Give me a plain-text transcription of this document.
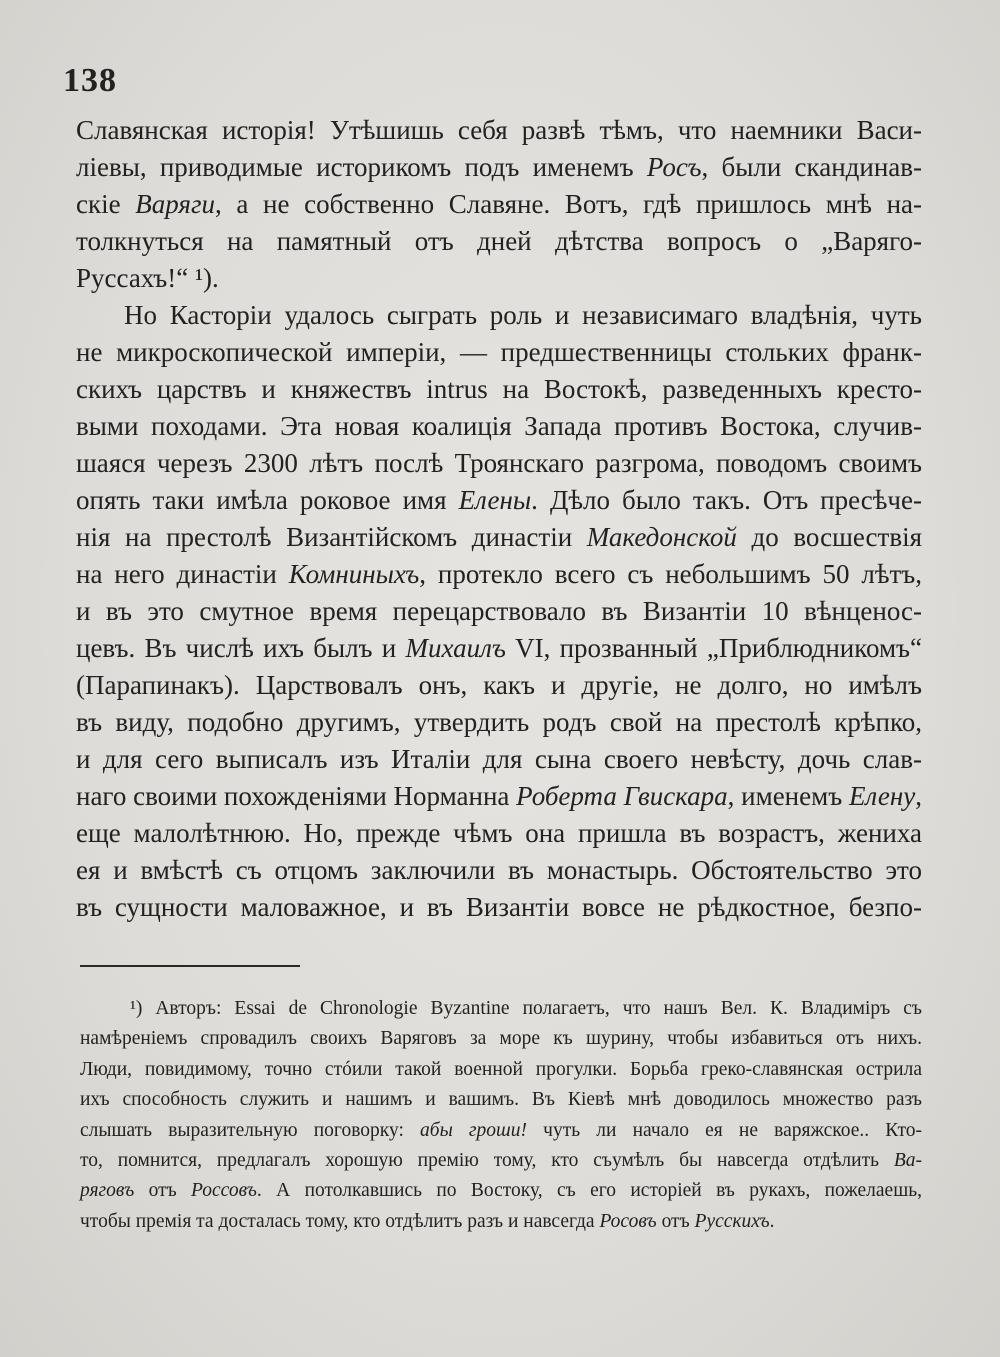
138
Славянская исторія! Утѣшишь себя развѣ тѣмъ, что наемники Васи-
ліевы, приводимые историкомъ подъ именемъ Росъ, были скандинав-
скіе Варяги, а не собственно Славяне. Вотъ, гдѣ пришлось мнѣ на-
толкнуться на памятный отъ дней дѣтства вопросъ о „Варяго-
Руссахъ!“ ¹).
Но Касторіи удалось сыграть роль и независимаго владѣнія, чуть
не микроскопической имперіи, — предшественницы стольких франк-
скихъ царствъ и княжествъ intrus на Востокѣ, разведенныхъ кресто-
выми походами. Эта новая коалиція Запада противъ Востока, случив-
шаяся черезъ 2300 лѣтъ послѣ Троянскаго разгрома, поводомъ своимъ
опять таки имѣла роковое имя Елены. Дѣло было такъ. Отъ пресѣче-
нія на престолѣ Византійскомъ династіи Македонской до восшествія
на него династіи Комниныхъ, протекло всего съ небольшимъ 50 лѣтъ,
и въ это смутное время перецарствовало въ Византіи 10 вѣнценос-
цевъ. Въ числѣ ихъ былъ и Михаилъ VI, прозванный „Приблюдникомъ“
(Парапинакъ). Царствовалъ онъ, какъ и другіе, не долго, но имѣлъ
въ виду, подобно другимъ, утвердить родъ свой на престолѣ крѣпко,
и для сего выписалъ изъ Италіи для сына своего невѣсту, дочь слав-
наго своими похожденіями Норманна Роберта Гвискара, именемъ Елену,
еще малолѣтнюю. Но, прежде чѣмъ она пришла въ возрастъ, жениха
ея и вмѣстѣ съ отцомъ заключили въ монастырь. Обстоятельство это
въ сущности маловажное, и въ Византіи вовсе не рѣдкостное, безпо-
¹) Авторъ: Essai de Chronologie Byzantine полагаетъ, что нашъ Вел. К. Владиміръ съ
намѣреніемъ спровадилъ своихъ Варяговъ за море къ шурину, чтобы избавиться отъ нихъ.
Люди, повидимому, точно стóили такой военной прогулки. Борьба греко-славянская острила
ихъ способность служить и нашимъ и вашимъ. Въ Кіевѣ мнѣ доводилось множество разъ
слышать выразительную поговорку: абы гроши! чуть ли начало ея не варяжское.. Кто-
то, помнится, предлагалъ хорошую премію тому, кто съумѣлъ бы навсегда отдѣлить Ва-
ряговъ отъ Россовъ. А потолкавшись по Востоку, съ его исторіей въ рукахъ, пожелаешь,
чтобы премія та досталась тому, кто отдѣлитъ разъ и навсегда Росовъ отъ Русскихъ.
